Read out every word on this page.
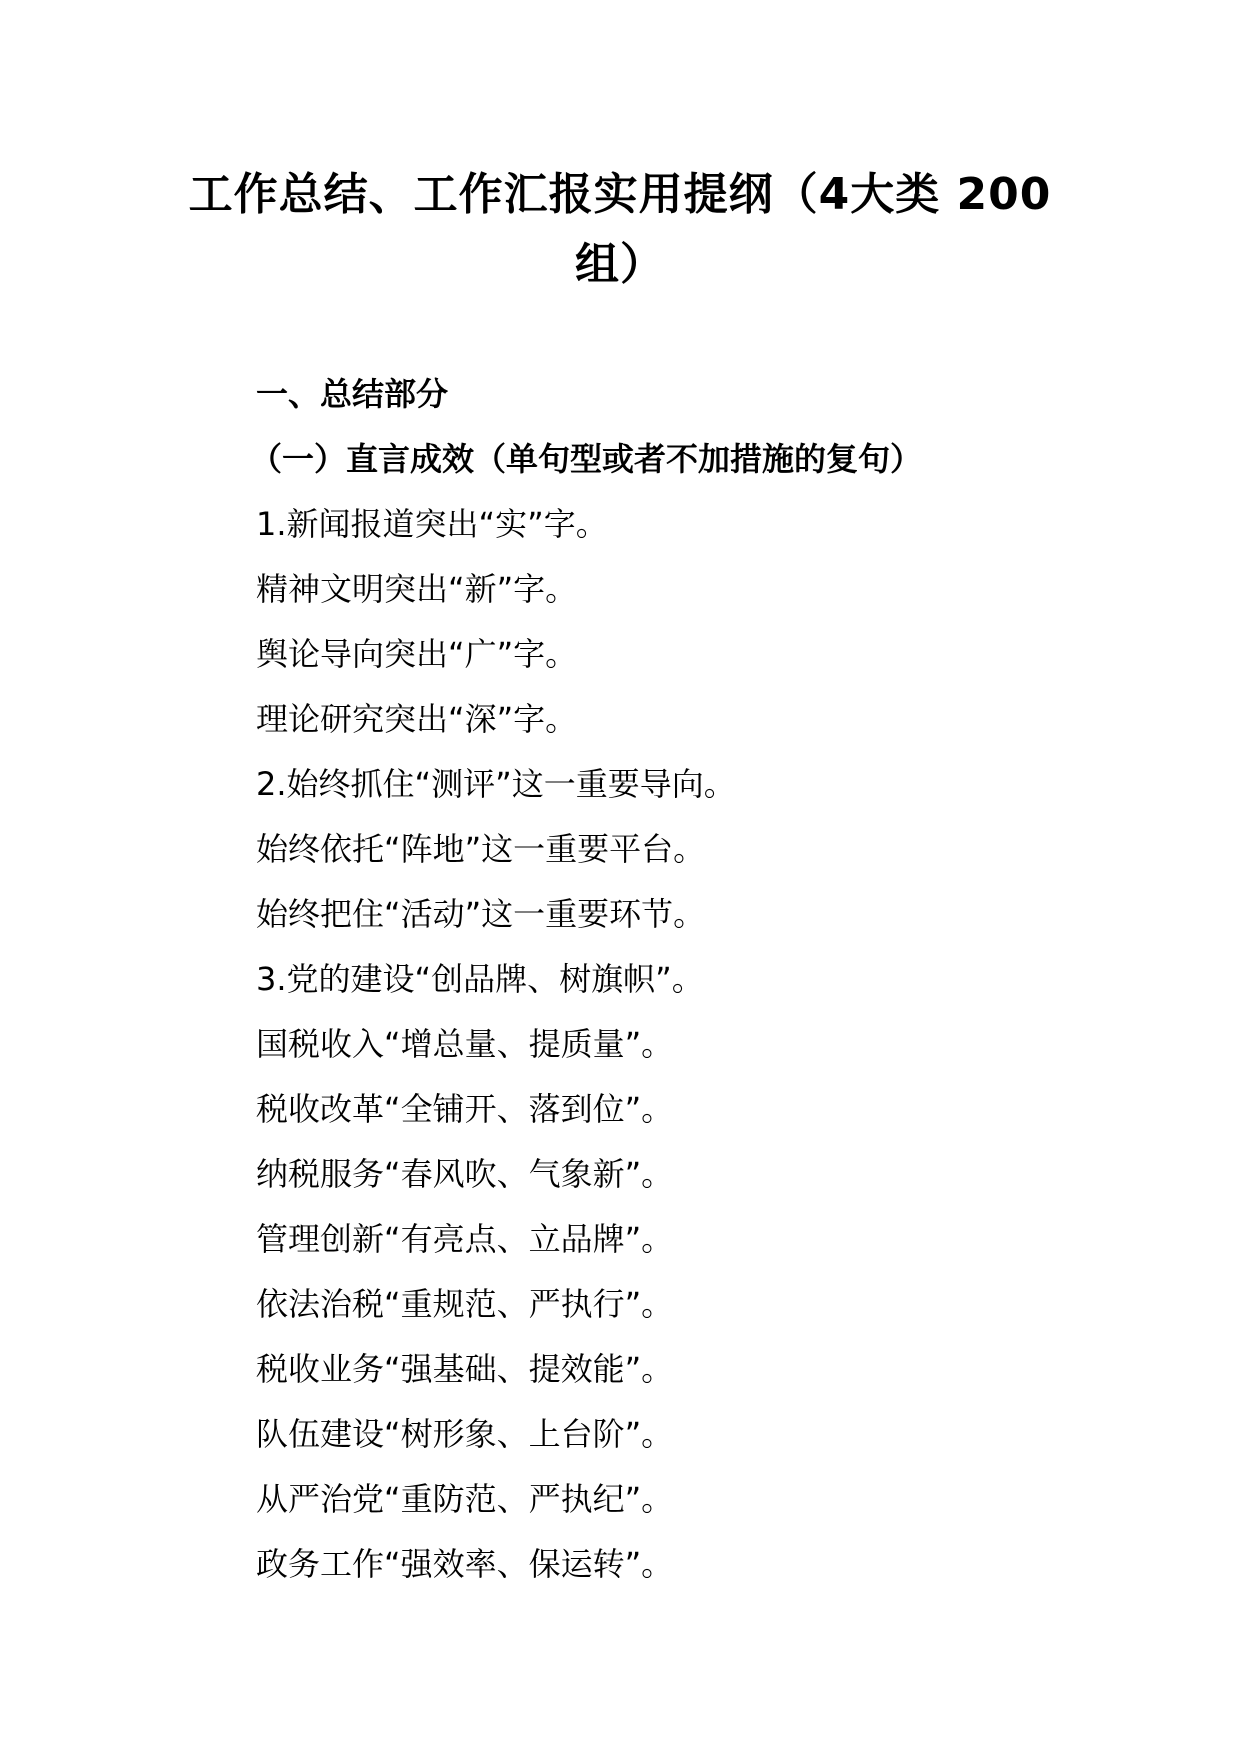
工作总结、工作汇报实用提纲（4大类 200
组）
一、总结部分
（一）直言成效（单句型或者不加措施的复句）
1.新闻报道突出“实”字。
精神文明突出“新”字。
舆论导向突出“广”字。
理论研究突出“深”字。
2.始终抓住“测评”这一重要导向。
始终依托“阵地”这一重要平台。
始终把住“活动”这一重要环节。
3.党的建设“创品牌、树旗帜”。
国税收入“增总量、提质量”。
税收改革“全铺开、落到位”。
纳税服务“春风吹、气象新”。
管理创新“有亮点、立品牌”。
依法治税“重规范、严执行”。
税收业务“强基础、提效能”。
队伍建设“树形象、上台阶”。
从严治党“重防范、严执纪”。
政务工作“强效率、保运转”。
